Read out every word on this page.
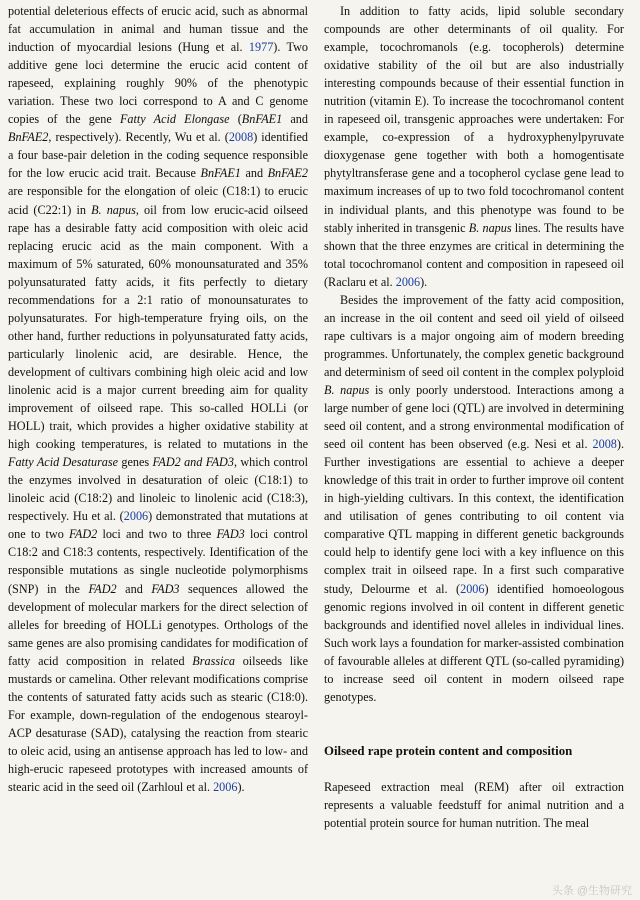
potential deleterious effects of erucic acid, such as abnormal fat accumulation in animal and human tissue and the induction of myocardial lesions (Hung et al. 1977). Two additive gene loci determine the erucic acid content of rapeseed, explaining roughly 90% of the phenotypic variation. These two loci correspond to A and C genome copies of the gene Fatty Acid Elongase (BnFAE1 and BnFAE2, respectively). Recently, Wu et al. (2008) identified a four base-pair deletion in the coding sequence responsible for the low erucic acid trait. Because BnFAE1 and BnFAE2 are responsible for the elongation of oleic (C18:1) to erucic acid (C22:1) in B. napus, oil from low erucic-acid oilseed rape has a desirable fatty acid composition with oleic acid replacing erucic acid as the main component. With a maximum of 5% saturated, 60% monounsaturated and 35% polyunsaturated fatty acids, it fits perfectly to dietary recommendations for a 2:1 ratio of monounsaturates to polyunsaturates. For high-temperature frying oils, on the other hand, further reductions in polyunsaturated fatty acids, particularly linolenic acid, are desirable. Hence, the development of cultivars combining high oleic acid and low linolenic acid is a major current breeding aim for quality improvement of oilseed rape. This so-called HOLLi (or HOLL) trait, which provides a higher oxidative stability at high cooking temperatures, is related to mutations in the Fatty Acid Desaturase genes FAD2 and FAD3, which control the enzymes involved in desaturation of oleic (C18:1) to linoleic acid (C18:2) and linoleic to linolenic acid (C18:3), respectively. Hu et al. (2006) demonstrated that mutations at one to two FAD2 loci and two to three FAD3 loci control C18:2 and C18:3 contents, respectively. Identification of the responsible mutations as single nucleotide polymorphisms (SNP) in the FAD2 and FAD3 sequences allowed the development of molecular markers for the direct selection of alleles for breeding of HOLLi genotypes. Orthologs of the same genes are also promising candidates for modification of fatty acid composition in related Brassica oilseeds like mustards or camelina. Other relevant modifications comprise the contents of saturated fatty acids such as stearic (C18:0). For example, down-regulation of the endogenous stearoyl-ACP desaturase (SAD), catalysing the reaction from stearic to oleic acid, using an antisense approach has led to low- and high-erucic rapeseed prototypes with increased amounts of stearic acid in the seed oil (Zarhloul et al. 2006).

In addition to fatty acids, lipid soluble secondary compounds are other determinants of oil quality. For example, tocochromanols (e.g. tocopherols) determine oxidative stability of the oil but are also industrially interesting compounds because of their essential function in nutrition (vitamin E). To increase the tocochromanol content in rapeseed oil, transgenic approaches were undertaken: For example, co-expression of a hydroxyphenylpyruvate dioxygenase gene together with both a homogentisate phytyltransferase gene and a tocopherol cyclase gene lead to maximum increases of up to two fold tocochromanol content in individual plants, and this phenotype was found to be stably inherited in transgenic B. napus lines. The results have shown that the three enzymes are critical in determining the total tocochromanol content and composition in rapeseed oil (Raclaru et al. 2006).

Besides the improvement of the fatty acid composition, an increase in the oil content and seed oil yield of oilseed rape cultivars is a major ongoing aim of modern breeding programmes. Unfortunately, the complex genetic background and determinism of seed oil content in the complex polyploid B. napus is only poorly understood. Interactions among a large number of gene loci (QTL) are involved in determining seed oil content, and a strong environmental modification of seed oil content has been observed (e.g. Nesi et al. 2008). Further investigations are essential to achieve a deeper knowledge of this trait in order to further improve oil content in high-yielding cultivars. In this context, the identification and utilisation of genes contributing to oil content via comparative QTL mapping in different genetic backgrounds could help to identify gene loci with a key influence on this complex trait in oilseed rape. In a first such comparative study, Delourme et al. (2006) identified homoeologous genomic regions involved in oil content in different genetic backgrounds and identified novel alleles in individual lines. Such work lays a foundation for marker-assisted combination of favourable alleles at different QTL (so-called pyramiding) to increase seed oil content in modern oilseed rape genotypes.

Oilseed rape protein content and composition

Rapeseed extraction meal (REM) after oil extraction represents a valuable feedstuff for animal nutrition and a potential protein source for human nutrition. The meal

头条 @生物研究
